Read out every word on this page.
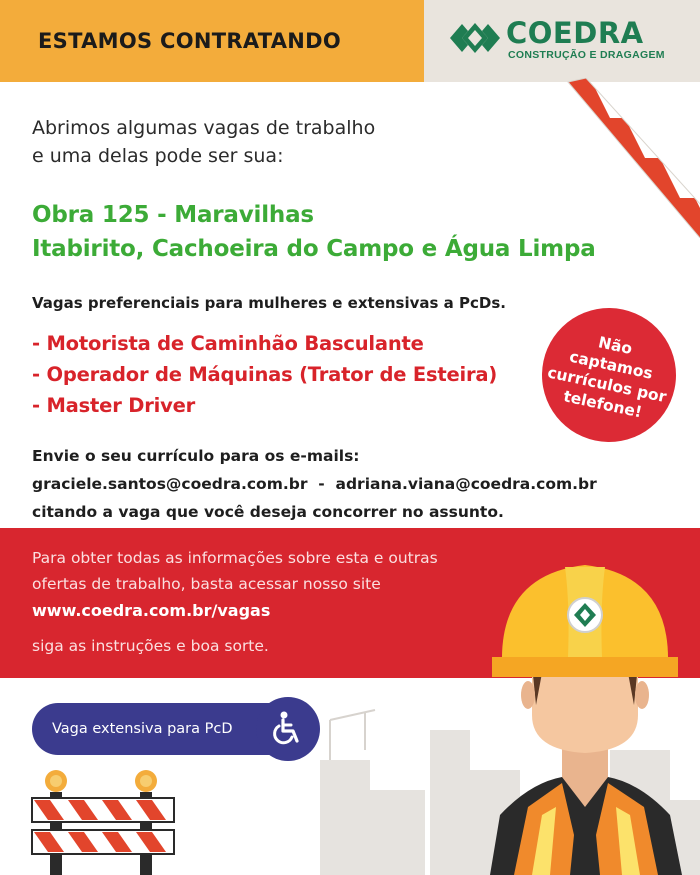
ESTAMOS CONTRATANDO	COEDRA
CONSTRUÇÃO E DRAGAGEM
Abrimos algumas vagas de trabalho
e uma delas pode ser sua:
Obra 125 - Maravilhas
Itabirito, Cachoeira do Campo e Água Limpa
Vagas preferenciais para mulheres e extensivas a PcDs.
- Motorista de Caminhão Basculante
- Operador de Máquinas (Trator de Esteira)
- Master Driver
Não
captamos
currículos por
telefone!
Envie o seu currículo para os e-mails:
graciele.santos@coedra.com.br  -  adriana.viana@coedra.com.br
citando a vaga que você deseja concorrer no assunto.
Para obter todas as informações sobre esta e outras
ofertas de trabalho, basta acessar nosso site
www.coedra.com.br/vagas
siga as instruções e boa sorte.
Vaga extensiva para PcD
